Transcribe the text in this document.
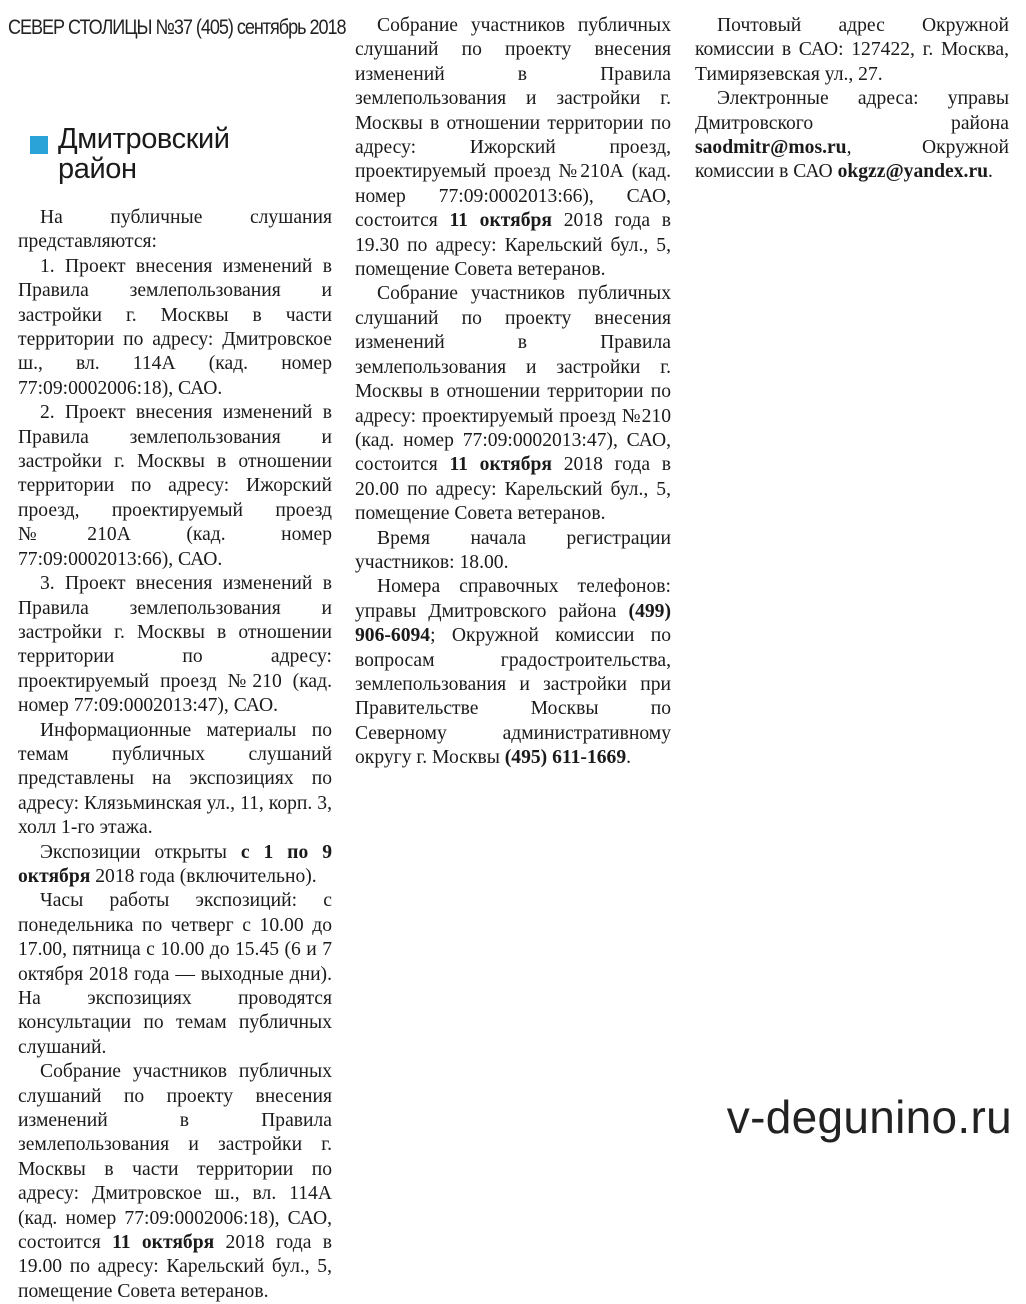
СЕВЕР СТОЛИЦЫ №37 (405) сентябрь 2018
Дмитровский
район

На публичные слушания представляются:

1. Проект внесения изменений в Правила землепользования и застройки г. Москвы в части территории по адресу: Дмитровское ш., вл. 114А (кад. номер 77:09:0002006:18), САО.

2. Проект внесения изменений в Правила землепользования и застройки г. Москвы в отношении территории по адресу: Ижорский проезд, проектируемый проезд №210А (кад. номер 77:09:0002013:66), САО.

3. Проект внесения изменений в Правила землепользования и застройки г. Москвы в отношении территории по адресу: проектируемый проезд №210 (кад. номер 77:09:0002013:47), САО.

Информационные материалы по темам публичных слушаний представлены на экспозициях по адресу: Клязьминская ул., 11, корп. 3, холл 1-го этажа.

Экспозиции открыты с 1 по 9 октября 2018 года (включительно).

Часы работы экспозиций: с понедельника по четверг с 10.00 до 17.00, пятница с 10.00 до 15.45 (6 и 7 октября 2018 года — выходные дни). На экспозициях проводятся консультации по темам публичных слушаний.

Собрание участников публичных слушаний по проекту внесения изменений в Правила землепользования и застройки г. Москвы в части территории по адресу: Дмитровское ш., вл. 114А (кад. номер 77:09:0002006:18), САО, состоится 11 октября 2018 года в 19.00 по адресу: Карельский бул., 5, помещение Совета ветеранов.

Собрание участников публичных слушаний по проекту внесения изменений в Правила землепользования и застройки г. Москвы в отношении территории по адресу: Ижорский проезд, проектируемый проезд №210А (кад. номер 77:09:0002013:66), САО, состоится 11 октября 2018 года в 19.30 по адресу: Карельский бул., 5, помещение Совета ветеранов.

Собрание участников публичных слушаний по проекту внесения изменений в Правила землепользования и застройки г. Москвы в отношении территории по адресу: проектируемый проезд №210 (кад. номер 77:09:0002013:47), САО, состоится 11 октября 2018 года в 20.00 по адресу: Карельский бул., 5, помещение Совета ветеранов.

Время начала регистрации участников: 18.00.

Номера справочных телефонов: управы Дмитровского района (499) 906-6094; Окружной комиссии по вопросам градостроительства, землепользования и застройки при Правительстве Москвы по Северному административному округу г. Москвы (495) 611-1669.

Почтовый адрес Окружной комиссии в САО: 127422, г. Москва, Тимирязевская ул., 27.

Электронные адреса: управы Дмитровского района saodmitr@mos.ru, Окружной комиссии в САО okgzz@yandex.ru.

v-degunino.ru
